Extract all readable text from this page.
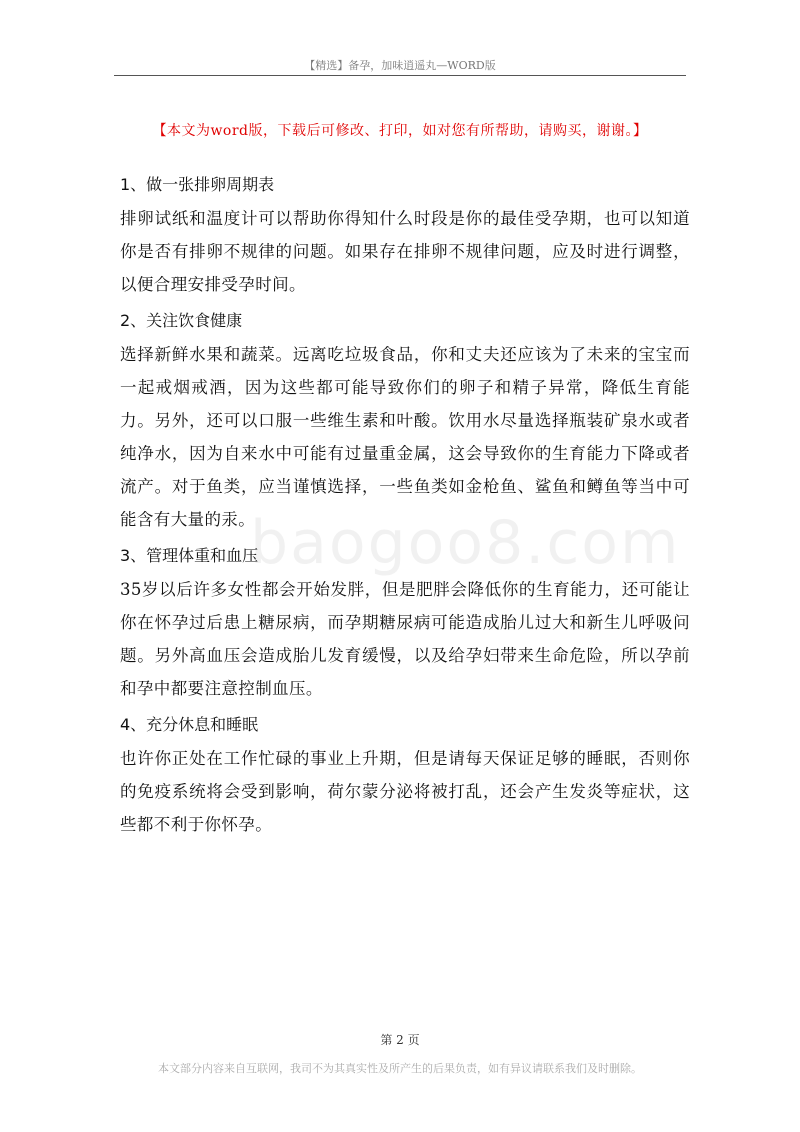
【精选】备孕，加味逍遥丸—WORD版
【本文为word版，下载后可修改、打印，如对您有所帮助，请购买，谢谢。】
baogoo8.com

1、做一张排卵周期表

排卵试纸和温度计可以帮助你得知什么时段是你的最佳受孕期，也可以知道你是否有排卵不规律的问题。如果存在排卵不规律问题，应及时进行调整，以便合理安排受孕时间。

2、关注饮食健康

选择新鲜水果和蔬菜。远离吃垃圾食品，你和丈夫还应该为了未来的宝宝而一起戒烟戒酒，因为这些都可能导致你们的卵子和精子异常，降低生育能力。另外，还可以口服一些维生素和叶酸。饮用水尽量选择瓶装矿泉水或者纯净水，因为自来水中可能有过量重金属，这会导致你的生育能力下降或者流产。对于鱼类，应当谨慎选择，一些鱼类如金枪鱼、鲨鱼和鳟鱼等当中可能含有大量的汞。

3、管理体重和血压

35岁以后许多女性都会开始发胖，但是肥胖会降低你的生育能力，还可能让你在怀孕过后患上糖尿病，而孕期糖尿病可能造成胎儿过大和新生儿呼吸问题。另外高血压会造成胎儿发育缓慢，以及给孕妇带来生命危险，所以孕前和孕中都要注意控制血压。

4、充分休息和睡眠

也许你正处在工作忙碌的事业上升期，但是请每天保证足够的睡眠，否则你的免疫系统将会受到影响，荷尔蒙分泌将被打乱，还会产生发炎等症状，这些都不利于你怀孕。

第 2 页
本文部分内容来自互联网，我司不为其真实性及所产生的后果负责，如有异议请联系我们及时删除。
